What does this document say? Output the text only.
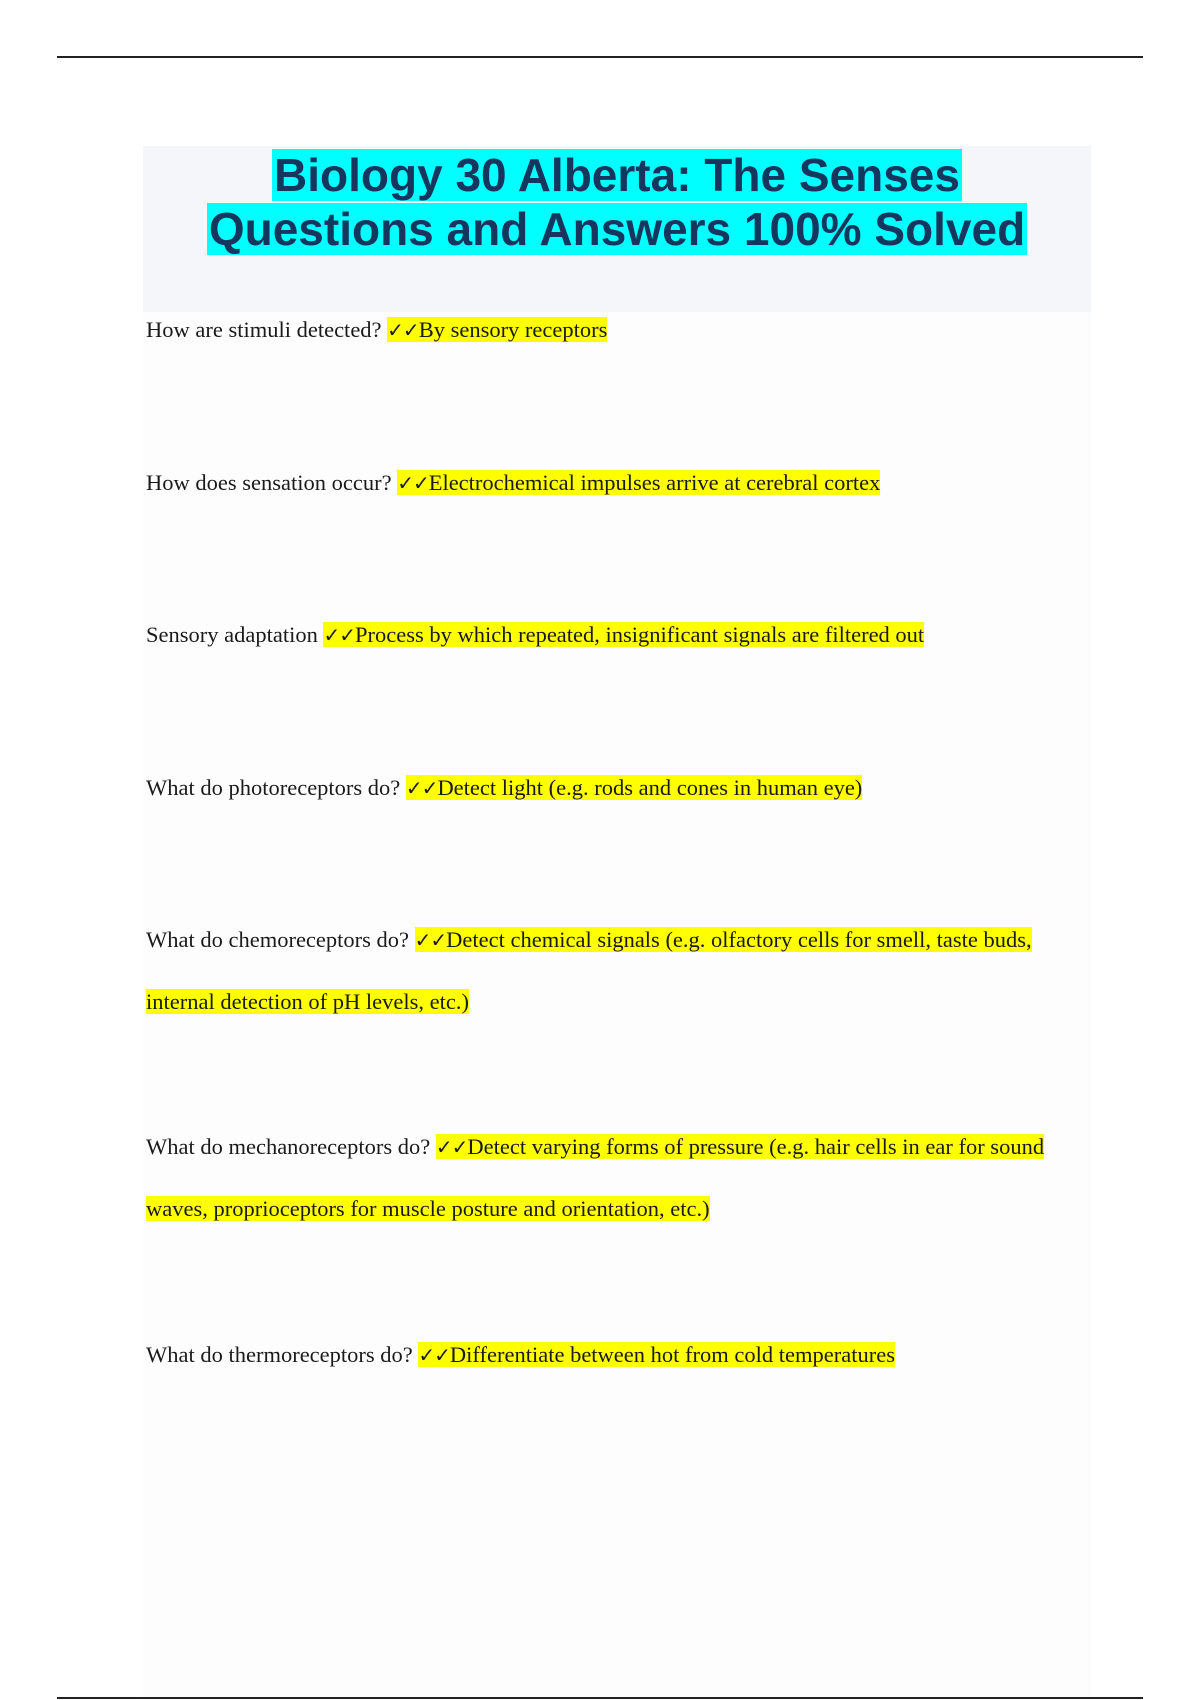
Biology 30 Alberta: The Senses
Questions and Answers 100% Solved
How are stimuli detected? ✓✓By sensory receptors
How does sensation occur? ✓✓Electrochemical impulses arrive at cerebral cortex
Sensory adaptation ✓✓Process by which repeated, insignificant signals are filtered out
What do photoreceptors do? ✓✓Detect light (e.g. rods and cones in human eye)
What do chemoreceptors do? ✓✓Detect chemical signals (e.g. olfactory cells for smell, taste buds, internal detection of pH levels, etc.)
What do mechanoreceptors do? ✓✓Detect varying forms of pressure (e.g. hair cells in ear for sound waves, proprioceptors for muscle posture and orientation, etc.)
What do thermoreceptors do? ✓✓Differentiate between hot from cold temperatures
